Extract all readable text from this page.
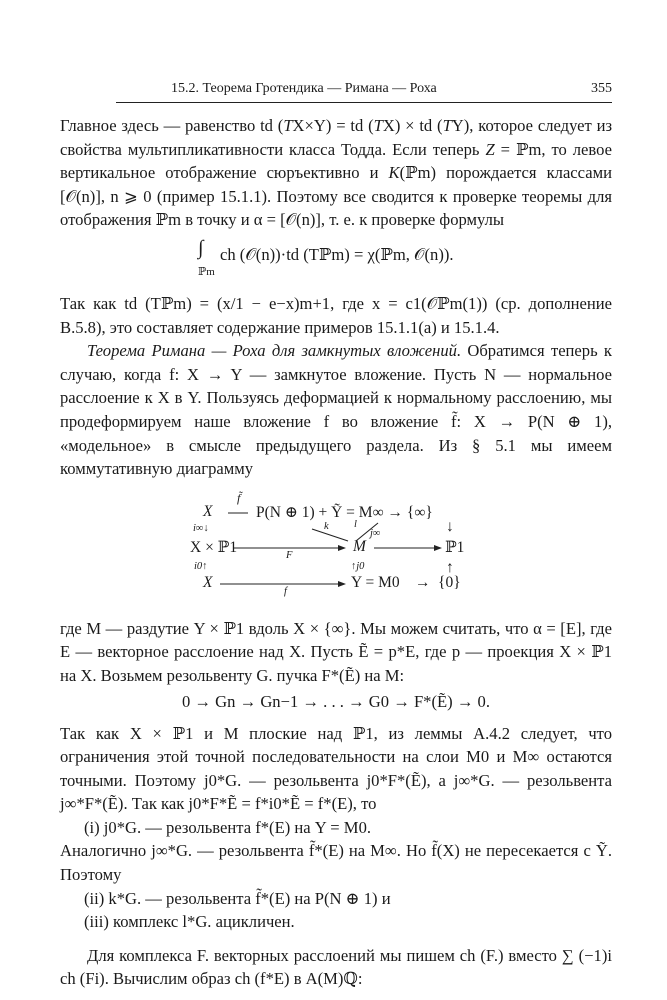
15.2. Теорема Гротендика — Римана — Роха	355

Главное здесь — равенство td (TX×Y) = td (TX) × td (TY), которое следует из свойства мультипликативности класса Тодда. Если теперь Z = ℙm, то левое вертикальное отображение сюръективно и K(ℙm) порождается классами [𝒪(n)], n ⩾ 0 (пример 15.1.1). Поэтому все сводится к проверке теоремы для отображения ℙm в точку и α = [𝒪(n)], т. е. к проверке формулы

∫
ℙm
ch (𝒪(n))·td (Tℙm) = χ(ℙm, 𝒪(n)).

Так как td (Tℙm) = (x/1 − e−x)m+1, где x = c1(𝒪ℙm(1)) (ср. дополнение B.5.8), это составляет содержание примеров 15.1.1(а) и 15.1.4.

Теорема Римана — Роха для замкнутых вложений. Обратимся теперь к случаю, когда f: X → Y — замкнутое вложение. Пусть N — нормальное расслоение к X в Y. Пользуясь деформацией к нормальному расслоению, мы продеформируем наше вложение f во вложение f̃: X → P(N ⊕ 1), «модельное» в смысле предыдущего раздела. Из § 5.1 мы имеем коммутативную диаграмму

X
f̃
P(N ⊕ 1) + Ỹ = M∞ → {∞}
↓
i∞↓	k l
j∞
X × ℙ1	F
M	ℙ1
i0↑	↑j0	↑
X
f
Y = M0 → {0}

где M — раздутие Y × ℙ1 вдоль X × {∞}. Мы можем считать, что α = [E], где E — векторное расслоение над X. Пусть Ẽ = p*E, где p — проекция X × ℙ1 на X. Возьмем резольвенту G. пучка F*(Ẽ) на M:

0 → Gn → Gn−1 → . . . → G0 → F*(Ẽ) → 0.

Так как X × ℙ1 и M плоские над ℙ1, из леммы A.4.2 следует, что ограничения этой точной последовательности на слои M0 и M∞ остаются точными. Поэтому j0*G. — резольвента j0*F*(Ẽ), а j∞*G. — резольвента j∞*F*(Ẽ). Так как j0*F*Ẽ = f*i0*Ẽ = f*(E), то

(i) j0*G. — резольвента f*(E) на Y = M0.

Аналогично j∞*G. — резольвента f̃*(E) на M∞. Но f̃(X) не пересекается с Ỹ. Поэтому

(ii) k*G. — резольвента f̃*(E) на P(N ⊕ 1) и
(iii) комплекс l*G. ацикличен.

Для комплекса F. векторных расслоений мы пишем ch (F.) вместо ∑ (−1)i ch (Fi). Вычислим образ ch (f*E) в A(M)ℚ:
